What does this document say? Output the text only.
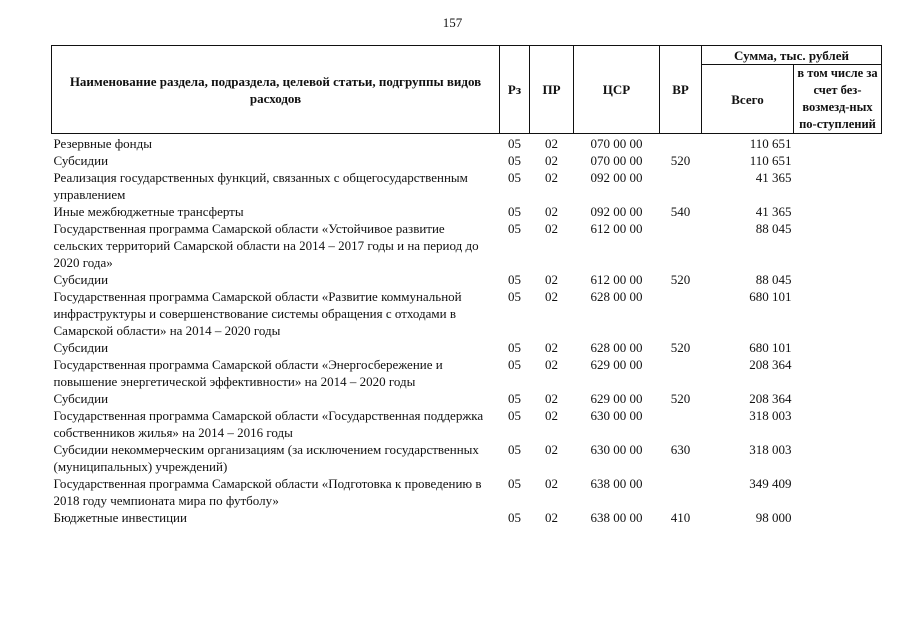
157
Наименование раздела, подраздела, целевой статьи, подгруппы видов расходов	Рз	ПР	ЦСР	ВР	Сумма, тыс. рублей	
					Всего	в том числе за счет без-возмезд-ных по-ступлений
Резервные фонды	05	02	070 00 00		110 651	
Субсидии	05	02	070 00 00	520	110 651	
Реализация государственных функций, связанных с общегосударственным управлением	05	02	092 00 00		41 365	
Иные межбюджетные трансферты	05	02	092 00 00	540	41 365	
Государственная программа Самарской области «Устойчивое развитие сельских территорий Самарской области на 2014 – 2017 годы и на период до 2020 года»	05	02	612 00 00		88 045	
Субсидии	05	02	612 00 00	520	88 045	
Государственная программа Самарской области «Развитие коммунальной инфраструктуры и совершенствование системы обращения с отходами в Самарской области» на 2014 – 2020 годы	05	02	628 00 00		680 101	
Субсидии	05	02	628 00 00	520	680 101	
Государственная программа Самарской области «Энергосбережение и повышение энергетической эффективности» на 2014 – 2020 годы	05	02	629 00 00		208 364	
Субсидии	05	02	629 00 00	520	208 364	
Государственная программа Самарской области «Государственная поддержка собственников жилья» на 2014 – 2016 годы	05	02	630 00 00		318 003	
Субсидии некоммерческим организациям (за исключением государственных (муниципальных) учреждений)	05	02	630 00 00	630	318 003	
Государственная программа Самарской области «Подготовка к проведению в 2018 году чемпионата мира по футболу»	05	02	638 00 00		349 409	
Бюджетные инвестиции	05	02	638 00 00	410	98 000	
